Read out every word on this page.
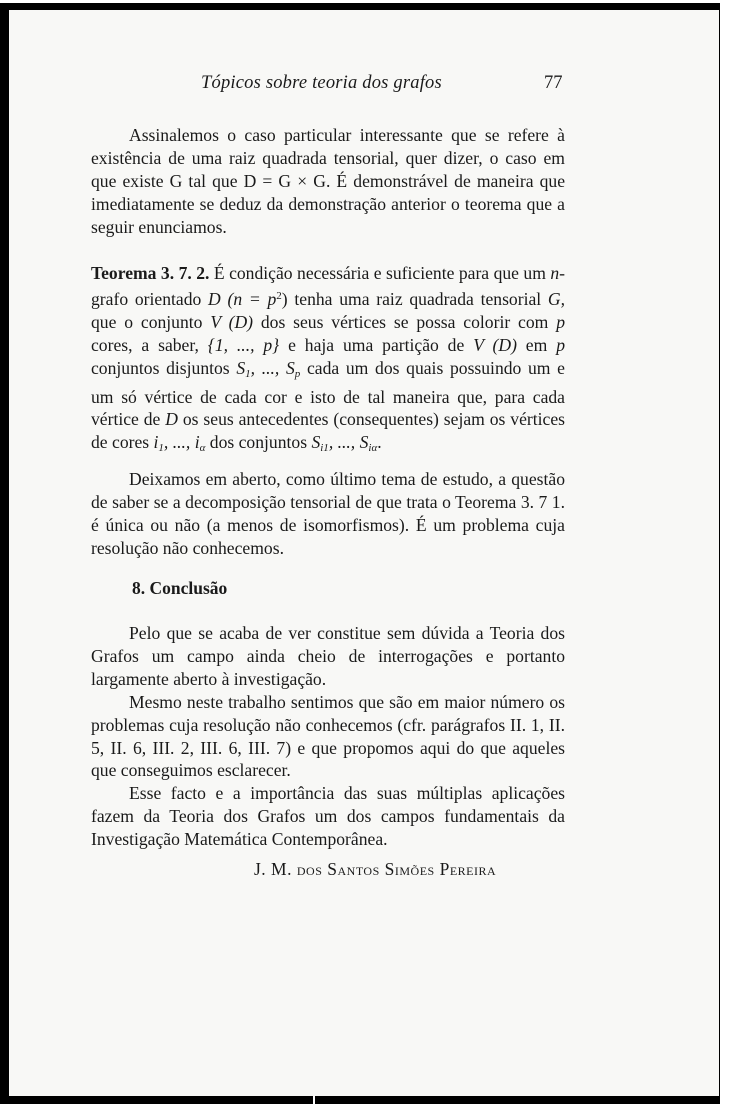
Tópicos sobre teoria dos grafos	77

Assinalemos o caso particular interessante que se refere à existência de uma raiz quadrada tensorial, quer dizer, o caso em que existe G tal que D = G × G. É demonstrável de maneira que imediatamente se deduz da demonstração anterior o teorema que a seguir enunciamos.

Teorema 3. 7. 2. É condição necessária e suficiente para que um n-grafo orientado D $(n = p^2)$ tenha uma raiz quadrada tensorial G, que o conjunto V (D) dos seus vértices se possa colorir com p cores, a saber, {1, ..., p} e haja uma partição de V (D) em p conjuntos disjuntos $S_1$, ..., $S_p$ cada um dos quais possuindo um e um só vértice de cada cor e isto de tal maneira que, para cada vértice de D os seus antecedentes (consequentes) sejam os vértices de cores $i_1$, ..., $i_\alpha$ dos conjuntos $S_{i1}$, ..., $S_{i\alpha}$.

Deixamos em aberto, como último tema de estudo, a questão de saber se a decomposição tensorial de que trata o Teorema 3. 7 1. é única ou não (a menos de isomorfismos). É um problema cuja resolução não conhecemos.

8. Conclusão

Pelo que se acaba de ver constitue sem dúvida a Teoria dos Grafos um campo ainda cheio de interrogações e portanto largamente aberto à investigação.

Mesmo neste trabalho sentimos que são em maior número os problemas cuja resolução não conhecemos (cfr. parágrafos II. 1, II. 5, II. 6, III. 2, III. 6, III. 7) e que propomos aqui do que aqueles que conseguimos esclarecer.

Esse facto e a importância das suas múltiplas aplicações fazem da Teoria dos Grafos um dos campos fundamentais da Investigação Matemática Contemporânea.

J. M. dos Santos Simões Pereira
